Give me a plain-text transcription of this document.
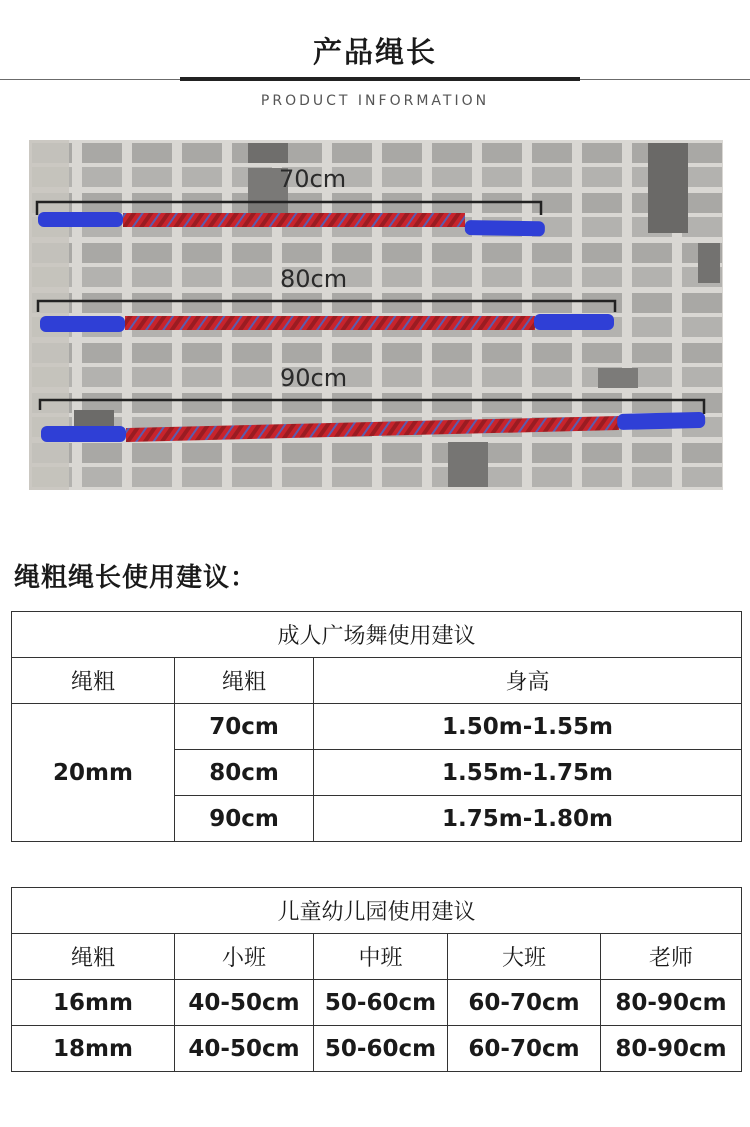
产品绳长
PRODUCT INFORMATION
70cm
80cm
90cm
绳粗绳长使用建议：
成人广场舞使用建议		
绳粗	绳粗	身高
20mm	70cm	1.50m-1.55m
	80cm	1.55m-1.75m
	90cm	1.75m-1.80m
儿童幼儿园使用建议				
绳粗	小班	中班	大班	老师
16mm	40-50cm	50-60cm	60-70cm	80-90cm
18mm	40-50cm	50-60cm	60-70cm	80-90cm
